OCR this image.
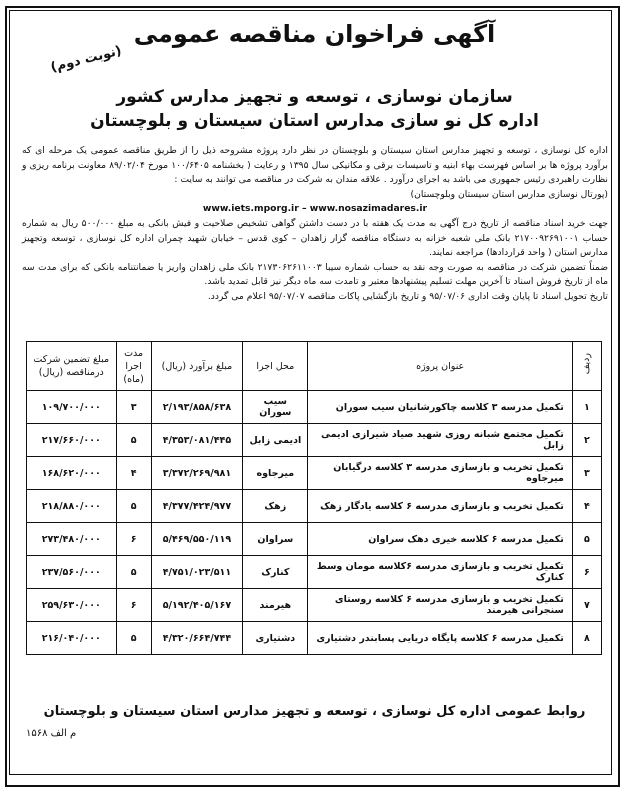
آگهی فراخوان مناقصه عمومی
(نوبت دوم)
سازمان نوسازی ، توسعه و تجهیز مدارس کشور
اداره کل نو سازی مدارس استان سیستان و بلوچستان

اداره کل نوسازی ، توسعه و تجهیز مدارس استان سیستان و بلوچستان در نظر دارد پروژه مشروحه ذیل را از طریق مناقصه عمومی یک مرحله ای که برآورد پروژه ها بر اساس فهرست بهاء ابنیه و تاسیسات برقی و مکانیکی سال ۱۳۹۵ و رعایت ( بخشنامه ۱۰۰/۶۴۰۵ مورخ ۸۹/۰۲/۰۴ معاونت برنامه ریزی و نظارت راهبردی رئیس جمهوری می باشد به اجرای درآورد . علاقه مندان به شرکت در مناقصه می توانند به سایت :

(پورتال نوسازی مدارس استان سیستان وبلوچستان)

www.iets.mporg.ir – www.nosazimadares.ir

جهت خرید اسناد مناقصه از تاریخ درج آگهی به مدت یک هفته با در دست داشتن گواهی تشخیص صلاحیت و فیش بانکی به مبلغ ۵۰۰/۰۰۰ ریال به شماره حساب ۲۱۷۰۰۹۲۶۹۱۰۰۱ بانک ملی شعبه خزانه به دستگاه مناقصه گزار زاهدان – کوی قدس – خیابان شهید چمران اداره کل نوسازی ، توسعه وتجهیز مدارس استان ( واحد قراردادها) مراجعه نمایند.

ضمناً تضمین شرکت در مناقصه به صورت وجه نقد به حساب شماره سیبا ۲۱۷۳۰۶۲۶۱۱۰۰۳ بانک ملی زاهدان واریز یا ضمانتنامه بانکی که برای مدت سه ماه از تاریخ فروش اسناد تا آخرین مهلت تسلیم پیشنهادها معتبر و تامدت سه ماه دیگر نیز قابل تمدید باشد.

تاریخ تحویل اسناد تا پایان وقت اداری ۹۵/۰۷/۰۶ و تاریخ بازگشایی پاکات مناقصه ۹۵/۰۷/۰۷ اعلام می گردد.

ردیف	عنوان پروژه	محل اجرا	مبلغ برآورد (ریال)	مدت اجرا (ماه)	مبلغ تضمین شرکت درمناقصه (ریال)
۱	تکمیل مدرسه ۳ کلاسه چاکورشانیان سیب سوران	سیب سوران	۲/۱۹۳/۸۵۸/۶۳۸	۳	۱۰۹/۷۰۰/۰۰۰
۲	تکمیل مجتمع شبانه روزی شهید صیاد شیرازی ادیمی زابل	ادیمی زابل	۴/۳۵۳/۰۸۱/۴۴۵	۵	۲۱۷/۶۶۰/۰۰۰
۳	تکمیل تخریب و بازسازی مدرسه ۳ کلاسه درگیابان میرجاوه	میرجاوه	۳/۳۷۲/۲۶۹/۹۸۱	۴	۱۶۸/۶۲۰/۰۰۰
۴	تکمیل تخریب و بازسازی مدرسه ۶ کلاسه یادگار زهک	زهک	۴/۳۷۷/۴۲۴/۹۷۷	۵	۲۱۸/۸۸۰/۰۰۰
۵	تکمیل مدرسه ۶ کلاسه خیری دهک سراوان	سراوان	۵/۴۶۹/۵۵۰/۱۱۹	۶	۲۷۳/۴۸۰/۰۰۰
۶	تکمیل تخریب و بازسازی مدرسه ۶کلاسه مومان وسط کنارک	کنارک	۴/۷۵۱/۰۲۳/۵۱۱	۵	۲۳۷/۵۶۰/۰۰۰
۷	تکمیل تخریب و بازسازی مدرسه ۶ کلاسه روستای سنجرانی هیرمند	هیرمند	۵/۱۹۲/۴۰۵/۱۶۷	۶	۲۵۹/۶۳۰/۰۰۰
۸	تکمیل مدرسه ۶ کلاسه پایگاه دریایی پسابندر دشتیاری	دشتیاری	۴/۳۲۰/۶۶۴/۷۴۴	۵	۲۱۶/۰۴۰/۰۰۰
روابط عمومی اداره کل نوسازی ، توسعه و تجهیز مدارس استان سیستان و بلوچستان
م الف ۱۵۶۸
